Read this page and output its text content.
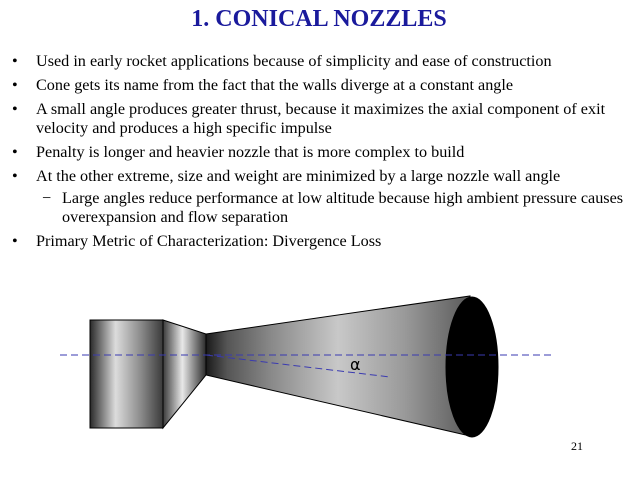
1. CONICAL NOZZLES
• Used in early rocket applications because of simplicity and ease of construction
• Cone gets its name from the fact that the walls diverge at a constant angle
• A small angle produces greater thrust, because it maximizes the axial component of exit velocity and produces a high specific impulse
• Penalty is longer and heavier nozzle that is more complex to build
• At the other extreme, size and weight are minimized by a large nozzle wall angle
− Large angles reduce performance at low altitude because high ambient pressure causes overexpansion and flow separation
• Primary Metric of Characterization: Divergence Loss
α
21
